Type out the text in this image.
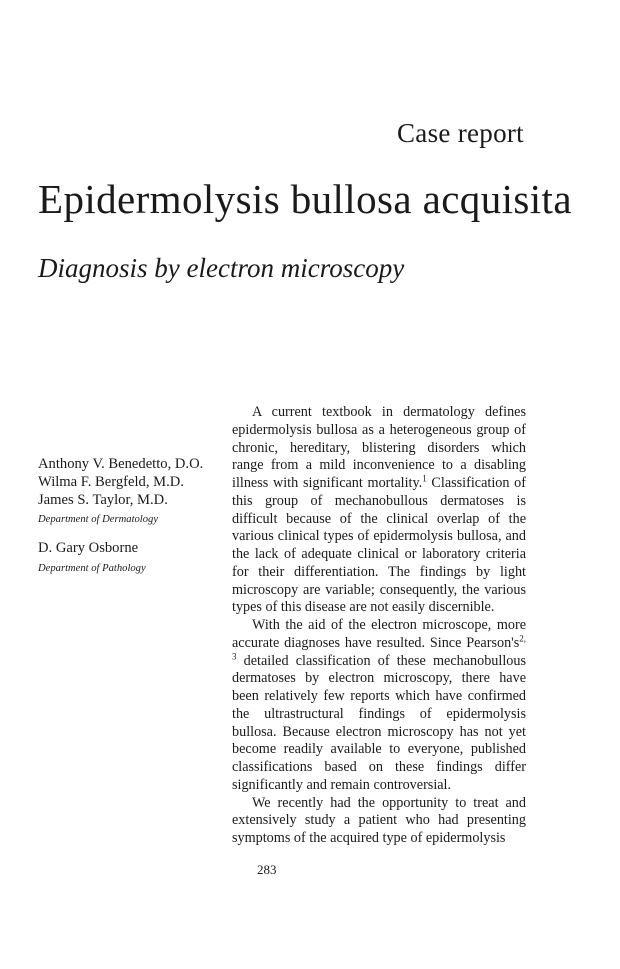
Case report
Epidermolysis bullosa acquisita
Diagnosis by electron microscopy
Anthony V. Benedetto, D.O.
Wilma F. Bergfeld, M.D.
James S. Taylor, M.D.
Department of Dermatology
D. Gary Osborne
Department of Pathology

A current textbook in dermatology defines epidermolysis bullosa as a heterogeneous group of chronic, hereditary, blistering disorders which range from a mild inconvenience to a disabling illness with significant mortality.$^1$ Classification of this group of mechanobullous dermatoses is difficult because of the clinical overlap of the various clinical types of epidermolysis bullosa, and the lack of adequate clinical or laboratory criteria for their differentiation. The findings by light microscopy are variable; consequently, the various types of this disease are not easily discernible.

With the aid of the electron microscope, more accurate diagnoses have resulted. Since Pearson's$^{2, 3}$ detailed classification of these mechanobullous dermatoses by electron microscopy, there have been relatively few reports which have confirmed the ultrastructural findings of epidermolysis bullosa. Because electron microscopy has not yet become readily available to everyone, published classifications based on these findings differ significantly and remain controversial.

We recently had the opportunity to treat and extensively study a patient who had presenting symptoms of the acquired type of epidermolysis

283
